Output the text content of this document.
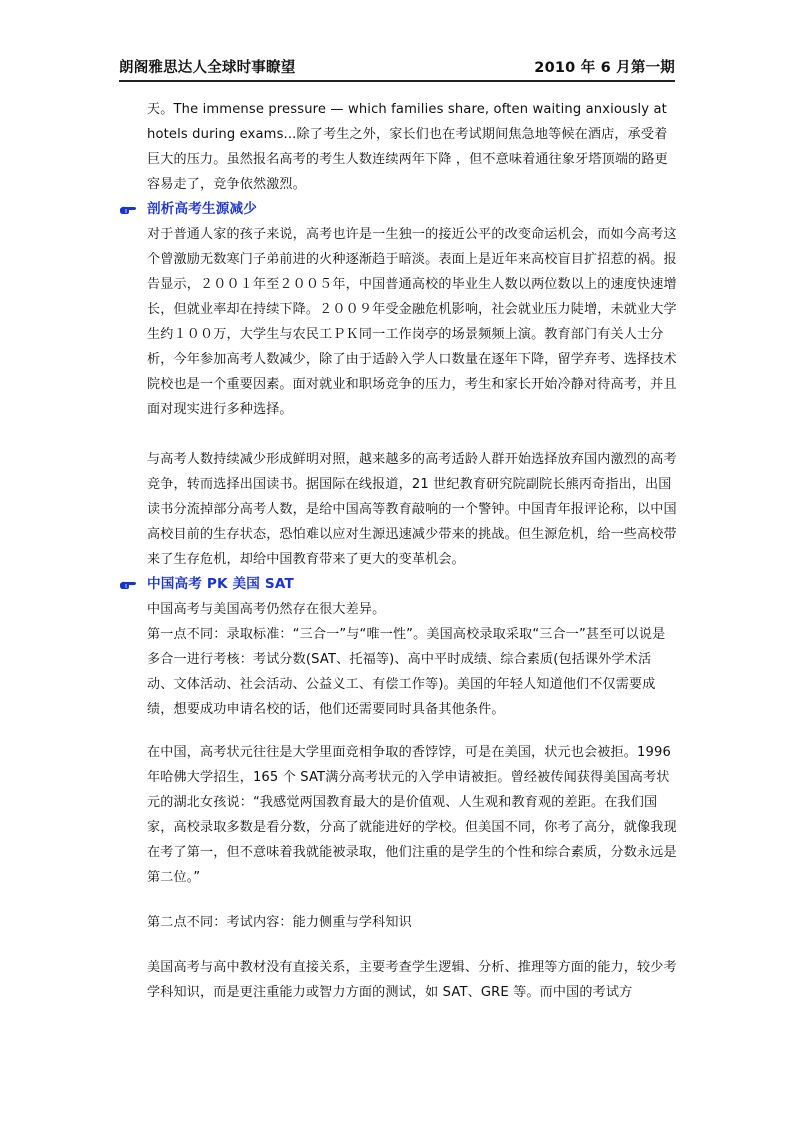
朗阁雅思达人全球时事瞭望	2010 年 6 月第一期

天。The immense pressure — which families share, often waiting anxiously at hotels during exams...除了考生之外，家长们也在考试期间焦急地等候在酒店，承受着巨大的压力。虽然报名高考的考生人数连续两年下降 ，但不意味着通往象牙塔顶端的路更容易走了，竞争依然激烈。

剖析高考生源减少

对于普通人家的孩子来说，高考也许是一生独一的接近公平的改变命运机会，而如今高考这个曾激励无数寒门子弟前进的火种逐渐趋于暗淡。表面上是近年来高校盲目扩招惹的祸。报告显示，２００１年至２００５年，中国普通高校的毕业生人数以两位数以上的速度快速增长，但就业率却在持续下降。２００９年受金融危机影响，社会就业压力陡增，未就业大学生约１００万，大学生与农民工ＰＫ同一工作岗亭的场景频频上演。教育部门有关人士分析，今年参加高考人数减少，除了由于适龄入学人口数量在逐年下降，留学弃考、选择技术院校也是一个重要因素。面对就业和职场竞争的压力，考生和家长开始冷静对待高考，并且面对现实进行多种选择。

与高考人数持续减少形成鲜明对照，越来越多的高考适龄人群开始选择放弃国内激烈的高考竞争，转而选择出国读书。据国际在线报道，21 世纪教育研究院副院长熊丙奇指出，出国读书分流掉部分高考人数，是给中国高等教育敲响的一个警钟。中国青年报评论称，以中国高校目前的生存状态，恐怕难以应对生源迅速减少带来的挑战。但生源危机，给一些高校带来了生存危机，却给中国教育带来了更大的变革机会。

中国高考 PK 美国 SAT

中国高考与美国高考仍然存在很大差异。

第一点不同：录取标准：“三合一”与“唯一性”。美国高校录取采取“三合一”甚至可以说是多合一进行考核：考试分数(SAT、托福等)、高中平时成绩、综合素质(包括课外学术活动、文体活动、社会活动、公益义工、有偿工作等)。美国的年轻人知道他们不仅需要成绩，想要成功申请名校的话，他们还需要同时具备其他条件。

在中国，高考状元往往是大学里面竞相争取的香饽饽，可是在美国，状元也会被拒。1996 年哈佛大学招生，165 个 SAT满分高考状元的入学申请被拒。曾经被传闻获得美国高考状元的湖北女孩说：“我感觉两国教育最大的是价值观、人生观和教育观的差距。在我们国家，高校录取多数是看分数，分高了就能进好的学校。但美国不同，你考了高分，就像我现在考了第一，但不意味着我就能被录取，他们注重的是学生的个性和综合素质，分数永远是第二位。”

第二点不同：考试内容：能力侧重与学科知识

美国高考与高中教材没有直接关系，主要考查学生逻辑、分析、推理等方面的能力，较少考学科知识，而是更注重能力或智力方面的测试，如 SAT、GRE 等。而中国的考试方
